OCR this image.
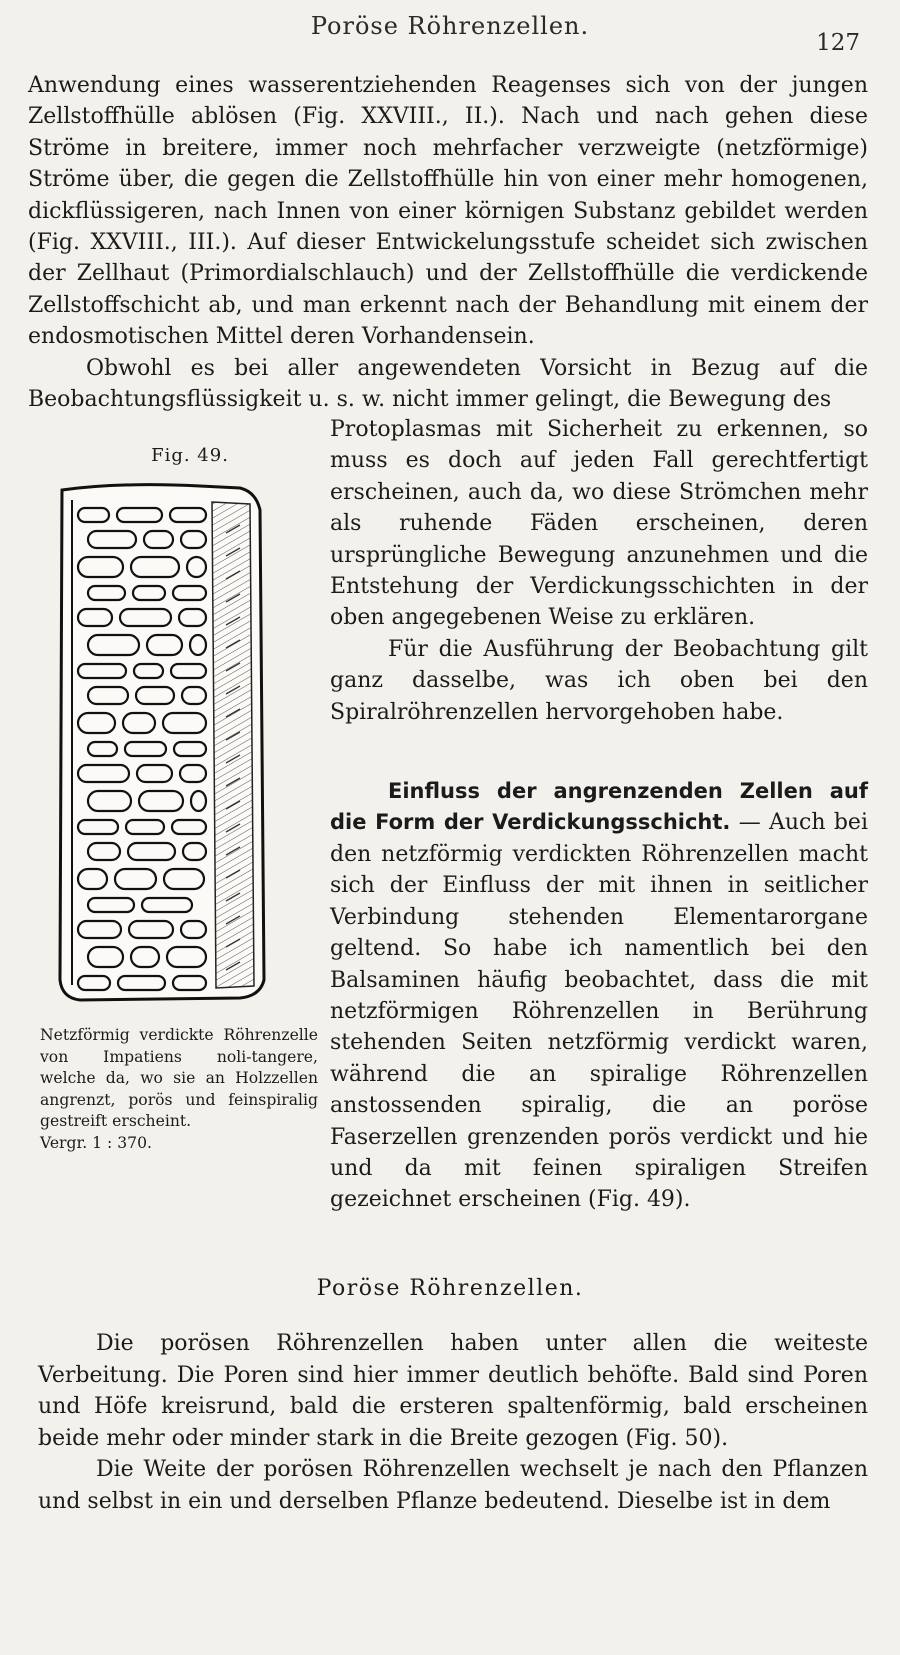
Poröse Röhrenzellen.
127

Anwendung eines wasserentziehenden Reagenses sich von der jungen Zellstoffhülle ablösen (Fig. XXVIII., II.). Nach und nach gehen diese Ströme in breitere, immer noch mehrfacher verzweigte (netzförmige) Ströme über, die gegen die Zellstoffhülle hin von einer mehr homogenen, dickflüssigeren, nach Innen von einer körnigen Substanz gebildet werden (Fig. XXVIII., III.). Auf dieser Entwickelungsstufe scheidet sich zwischen der Zellhaut (Primordialschlauch) und der Zellstoffhülle die verdickende Zellstoffschicht ab, und man erkennt nach der Behandlung mit einem der endosmotischen Mittel deren Vorhandensein.

Obwohl es bei aller angewendeten Vorsicht in Bezug auf die Beobachtungsflüssigkeit u. s. w. nicht immer gelingt, die Bewegung des

Fig. 49.
Netzförmig verdickte Röhrenzelle von Impatiens noli-tangere, welche da, wo sie an Holzzellen angrenzt, porös und feinspiralig gestreift erscheint.
Vergr. 1 : 370.

Protoplasmas mit Sicherheit zu erkennen, so muss es doch auf jeden Fall gerechtfertigt erscheinen, auch da, wo diese Strömchen mehr als ruhende Fäden erscheinen, deren ursprüngliche Bewegung anzunehmen und die Entstehung der Verdickungsschichten in der oben angegebenen Weise zu erklären.

Für die Ausführung der Beobachtung gilt ganz dasselbe, was ich oben bei den Spiralröhrenzellen hervorgehoben habe.

Einfluss der angrenzenden Zellen auf die Form der Verdickungsschicht. — Auch bei den netzförmig verdickten Röhrenzellen macht sich der Einfluss der mit ihnen in seitlicher Verbindung stehenden Elementarorgane geltend. So habe ich namentlich bei den Balsaminen häufig beobachtet, dass die mit netzförmigen Röhrenzellen in Berührung stehenden Seiten netzförmig verdickt waren, während die an spiralige Röhrenzellen anstossenden spiralig, die an poröse Faserzellen grenzenden porös verdickt und hie und da mit feinen spiraligen Streifen gezeichnet erscheinen (Fig. 49).

Poröse Röhrenzellen.

Die porösen Röhrenzellen haben unter allen die weiteste Verbeitung. Die Poren sind hier immer deutlich behöfte. Bald sind Poren und Höfe kreisrund, bald die ersteren spaltenförmig, bald erscheinen beide mehr oder minder stark in die Breite gezogen (Fig. 50).

Die Weite der porösen Röhrenzellen wechselt je nach den Pflanzen und selbst in ein und derselben Pflanze bedeutend. Dieselbe ist in dem
